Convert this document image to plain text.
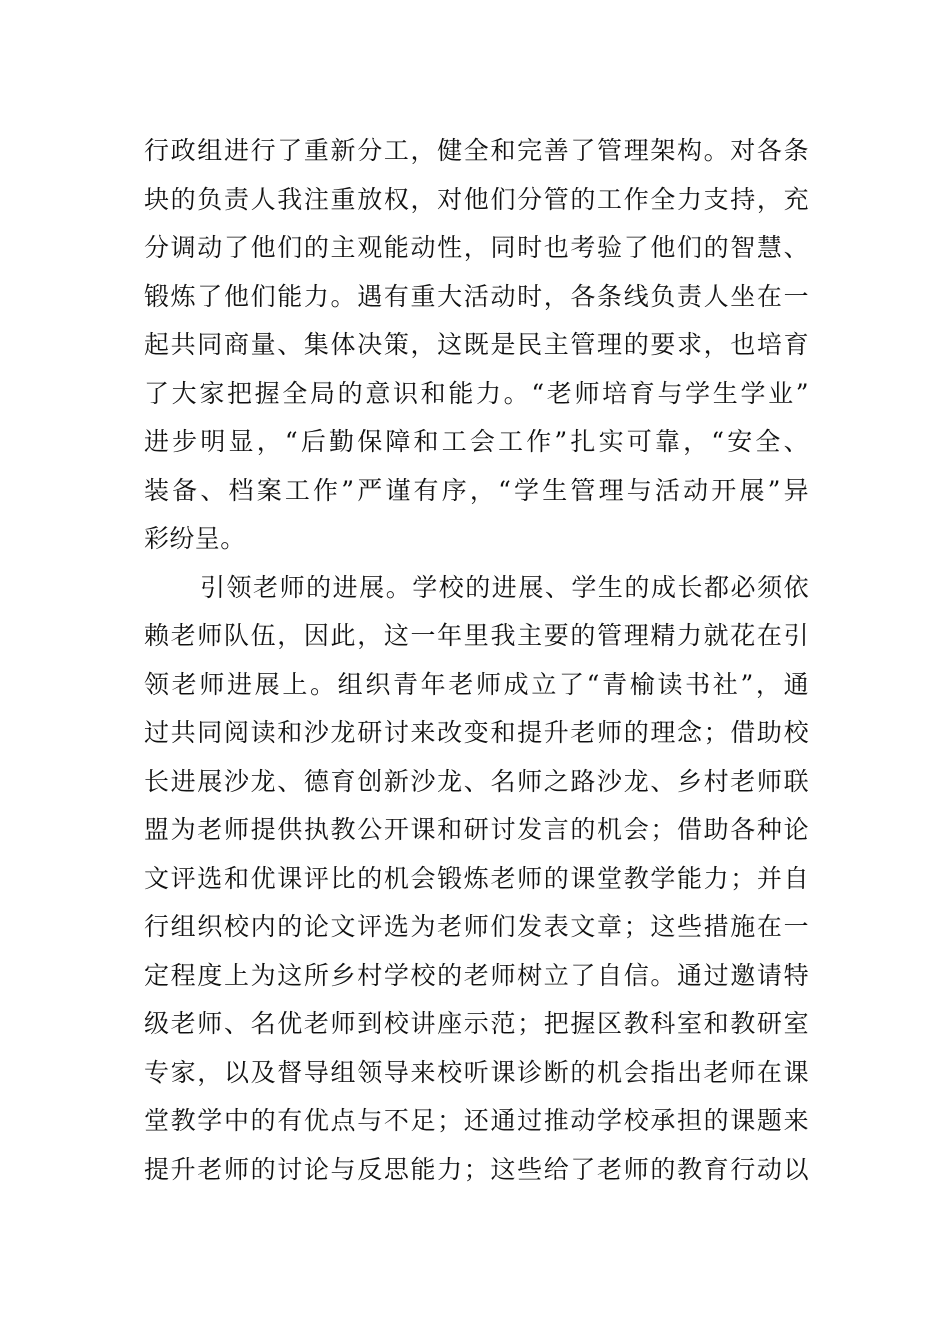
行政组进行了重新分工，健全和完善了管理架构。对各条
块的负责人我注重放权，对他们分管的工作全力支持，充
分调动了他们的主观能动性，同时也考验了他们的智慧、
锻炼了他们能力。遇有重大活动时，各条线负责人坐在一
起共同商量、集体决策，这既是民主管理的要求，也培育
了大家把握全局的意识和能力。“老师培育与学生学业”
进步明显，“后勤保障和工会工作”扎实可靠，“安全、
装备、档案工作”严谨有序，“学生管理与活动开展”异
彩纷呈。
引领老师的进展。学校的进展、学生的成长都必须依
赖老师队伍，因此，这一年里我主要的管理精力就花在引
领老师进展上。组织青年老师成立了“青榆读书社”，通
过共同阅读和沙龙研讨来改变和提升老师的理念；借助校
长进展沙龙、德育创新沙龙、名师之路沙龙、乡村老师联
盟为老师提供执教公开课和研讨发言的机会；借助各种论
文评选和优课评比的机会锻炼老师的课堂教学能力；并自
行组织校内的论文评选为老师们发表文章；这些措施在一
定程度上为这所乡村学校的老师树立了自信。通过邀请特
级老师、名优老师到校讲座示范；把握区教科室和教研室
专家，以及督导组领导来校听课诊断的机会指出老师在课
堂教学中的有优点与不足；还通过推动学校承担的课题来
提升老师的讨论与反思能力；这些给了老师的教育行动以
